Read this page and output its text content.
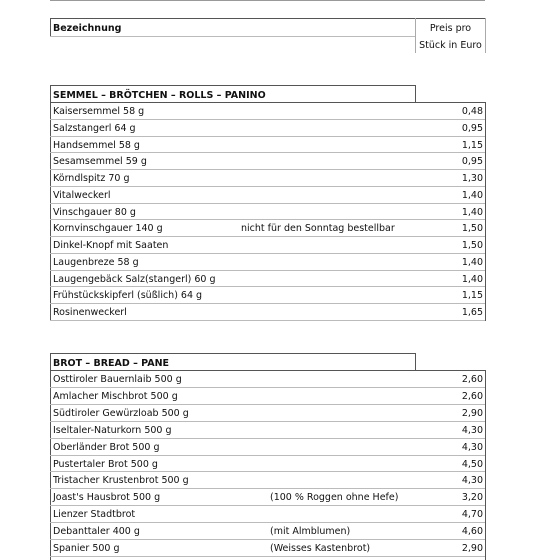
Bezeichnung	Preis pro
Stück in Euro
SEMMEL – BRÖTCHEN – ROLLS – PANINO
Kaisersemmel 58 g	0,48
Salzstangerl 64 g	0,95
Handsemmel 58 g	1,15
Sesamsemmel 59 g	0,95
Körndlspitz 70 g	1,30
Vitalweckerl	1,40
Vinschgauer 80 g	1,40
Kornvinschgauer 140 g	nicht für den Sonntag bestellbar	1,50
Dinkel-Knopf mit Saaten	1,50
Laugenbreze 58 g	1,40
Laugengebäck Salz(stangerl) 60 g	1,40
Frühstückskipferl (süßlich) 64 g	1,15
Rosinenweckerl	1,65
BROT – BREAD – PANE
Osttiroler Bauernlaib 500 g	2,60
Amlacher Mischbrot 500 g	2,60
Südtiroler Gewürzloab 500 g	2,90
Iseltaler-Naturkorn 500 g	4,30
Oberländer Brot 500 g	4,30
Pustertaler Brot 500 g	4,50
Tristacher Krustenbrot 500 g	4,30
Joast's Hausbrot 500 g	(100 % Roggen ohne Hefe)	3,20
Lienzer Stadtbrot	4,70
Debanttaler 400 g	(mit Almblumen)	4,60
Spanier 500 g	(Weisses Kastenbrot)	2,90
